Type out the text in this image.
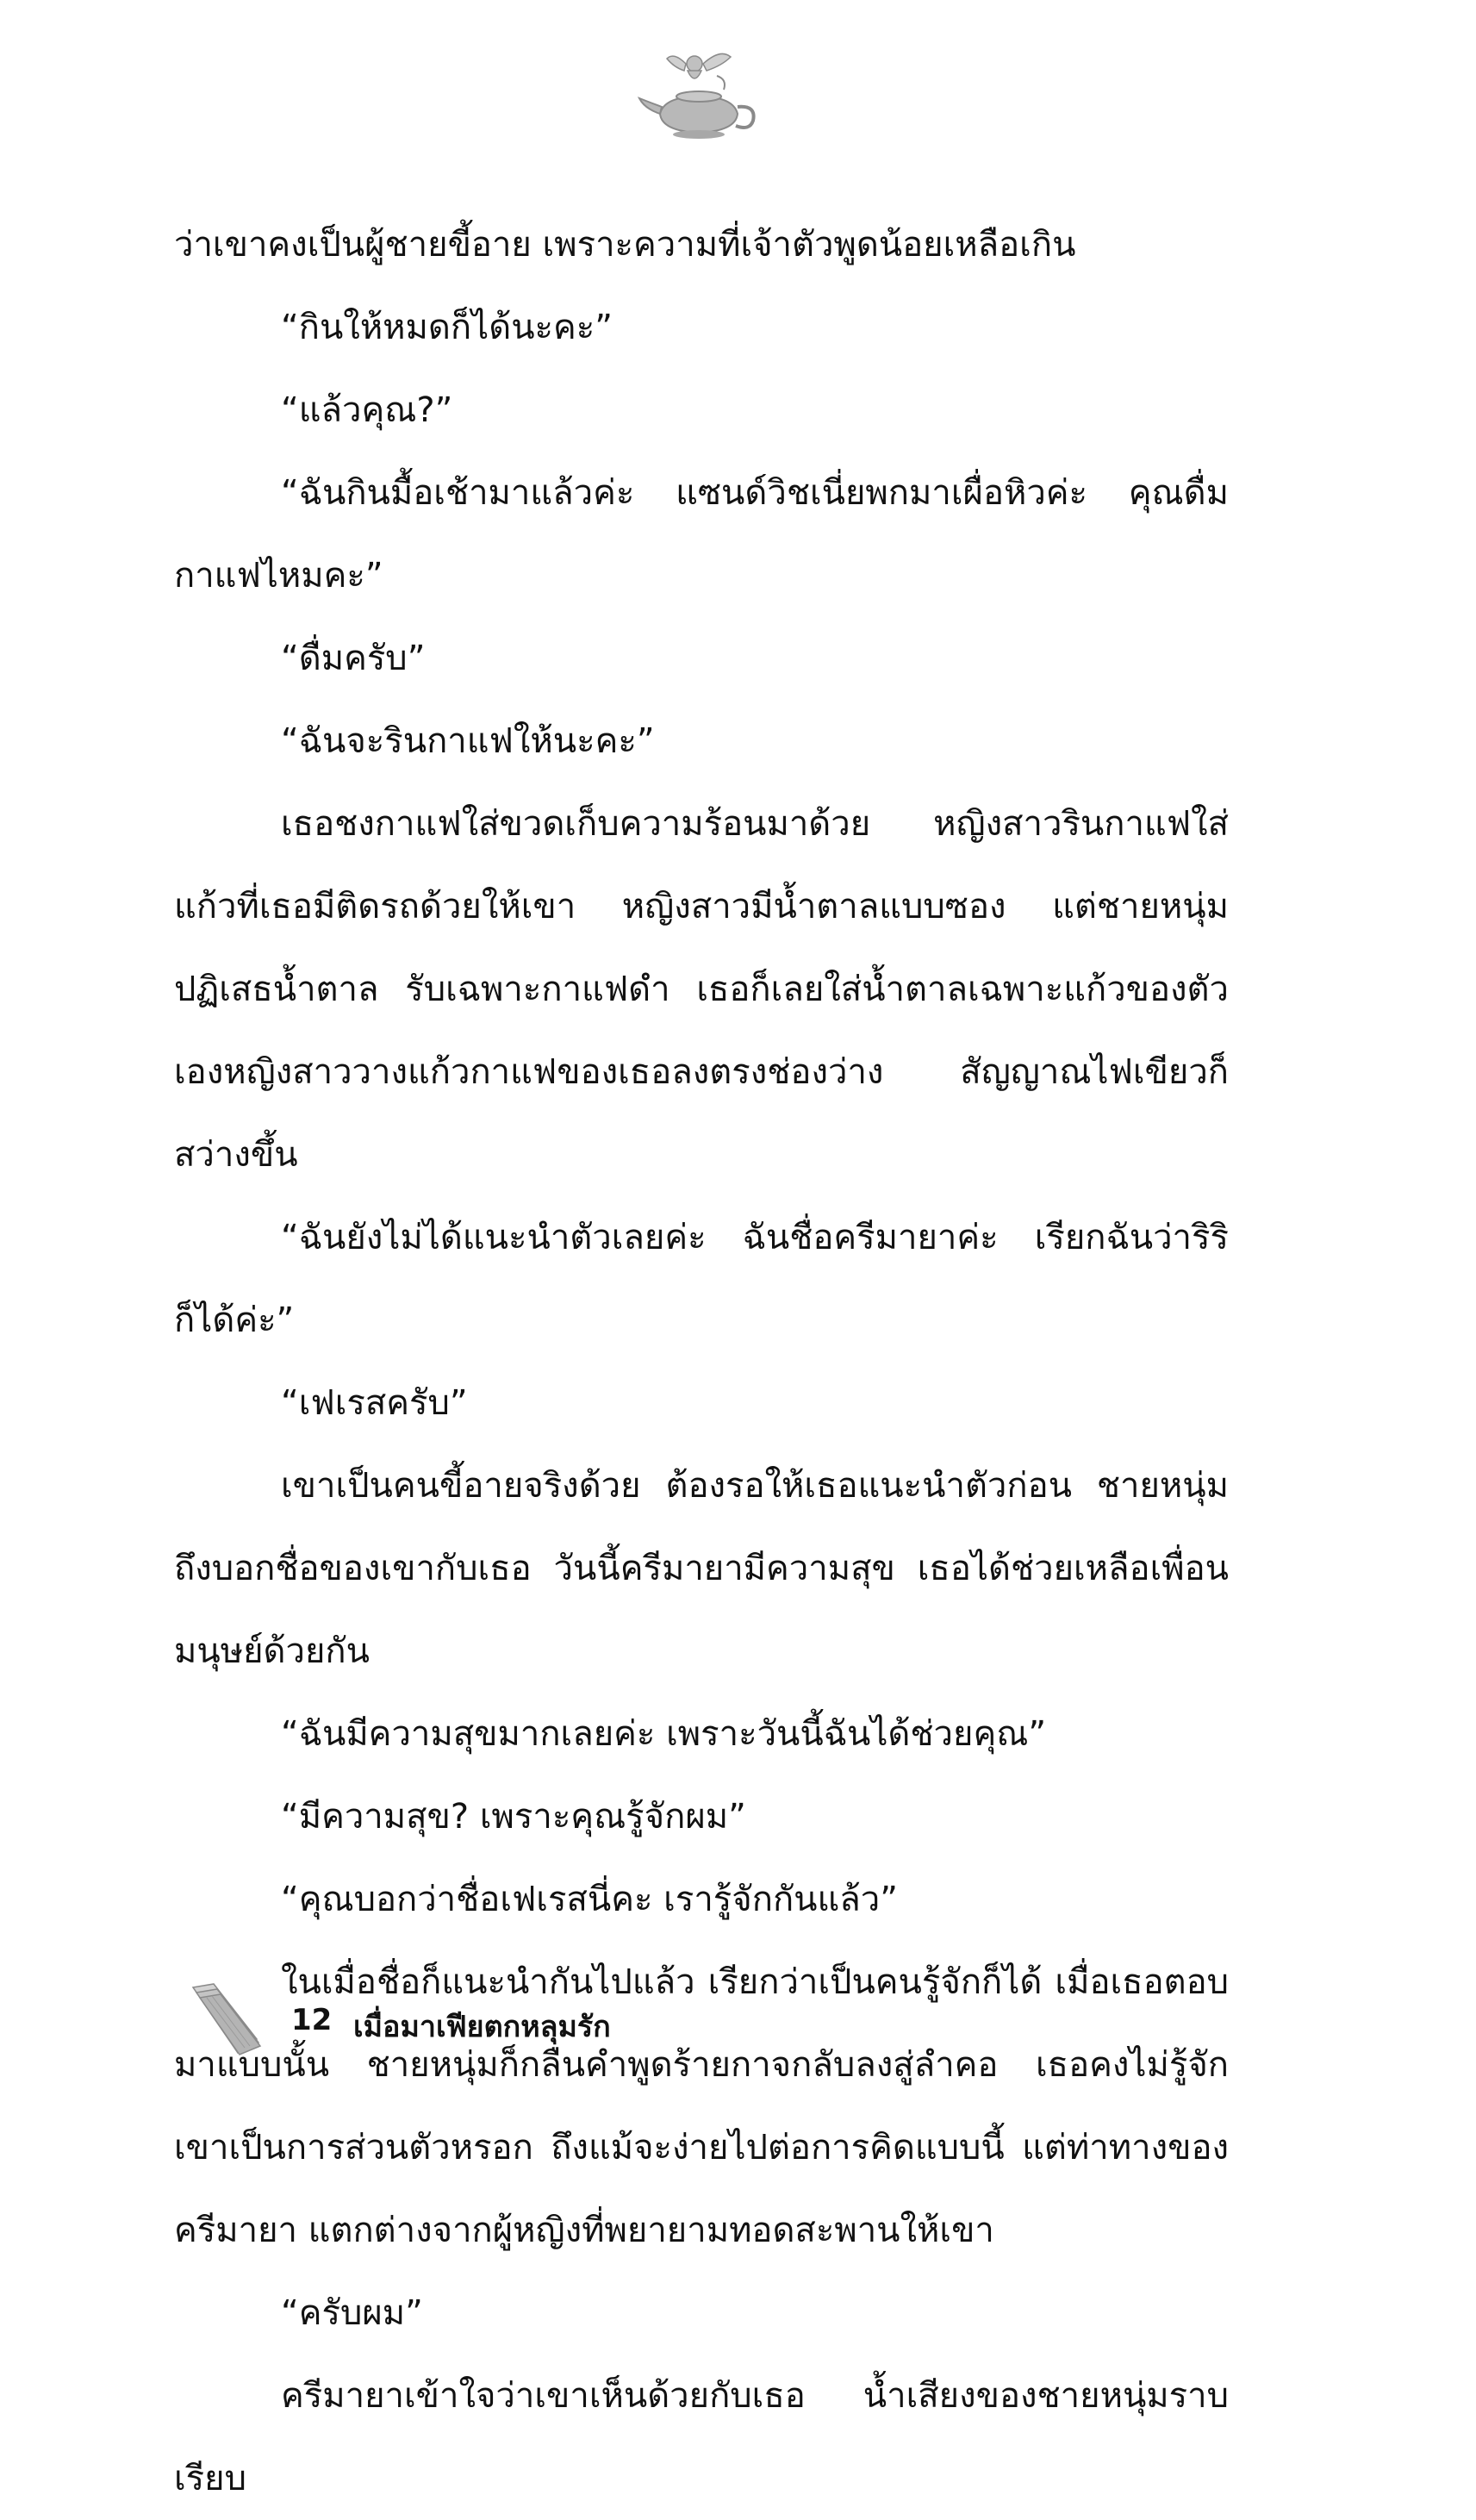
ว่าเขาคงเป็นผู้ชายขี้อาย เพราะความที่เจ้าตัวพูดน้อยเหลือเกิน

“กินให้หมดก็ได้นะคะ”

“แล้วคุณ?”

“ฉันกินมื้อเช้ามาแล้วค่ะ แซนด์วิชเนี่ยพกมาเผื่อหิวค่ะ คุณดื่มกาแฟไหมคะ”

“ดื่มครับ”

“ฉันจะรินกาแฟให้นะคะ”

เธอชงกาแฟใส่ขวดเก็บความร้อนมาด้วย หญิงสาวรินกาแฟใส่แก้วที่เธอมีติดรถด้วยให้เขา หญิงสาวมีน้ำตาลแบบซอง แต่ชายหนุ่มปฏิเสธน้ำตาล รับเฉพาะกาแฟดำ เธอก็เลยใส่น้ำตาลเฉพาะแก้วของตัวเองหญิงสาววางแก้วกาแฟของเธอลงตรงช่องว่าง สัญญาณไฟเขียวก็สว่างขึ้น

“ฉันยังไม่ได้แนะนำตัวเลยค่ะ ฉันชื่อครีมายาค่ะ เรียกฉันว่าริริก็ได้ค่ะ”

“เฟเรสครับ”

เขาเป็นคนขี้อายจริงด้วย ต้องรอให้เธอแนะนำตัวก่อน ชายหนุ่มถึงบอกชื่อของเขากับเธอ วันนี้ครีมายามีความสุข เธอได้ช่วยเหลือเพื่อนมนุษย์ด้วยกัน

“ฉันมีความสุขมากเลยค่ะ เพราะวันนี้ฉันได้ช่วยคุณ”

“มีความสุข? เพราะคุณรู้จักผม”

“คุณบอกว่าชื่อเฟเรสนี่คะ เรารู้จักกันแล้ว”

ในเมื่อชื่อก็แนะนำกันไปแล้ว เรียกว่าเป็นคนรู้จักก็ได้ เมื่อเธอตอบมาแบบนั้น ชายหนุ่มก็กลืนคำพูดร้ายกาจกลับลงสู่ลำคอ เธอคงไม่รู้จักเขาเป็นการส่วนตัวหรอก ถึงแม้จะง่ายไปต่อการคิดแบบนี้ แต่ท่าทางของครีมายา แตกต่างจากผู้หญิงที่พยายามทอดสะพานให้เขา

“ครับผม”

ครีมายาเข้าใจว่าเขาเห็นด้วยกับเธอ น้ำเสียงของชายหนุ่มราบเรียบ

12 เมื่อมาเฟียตกหลุมรัก
